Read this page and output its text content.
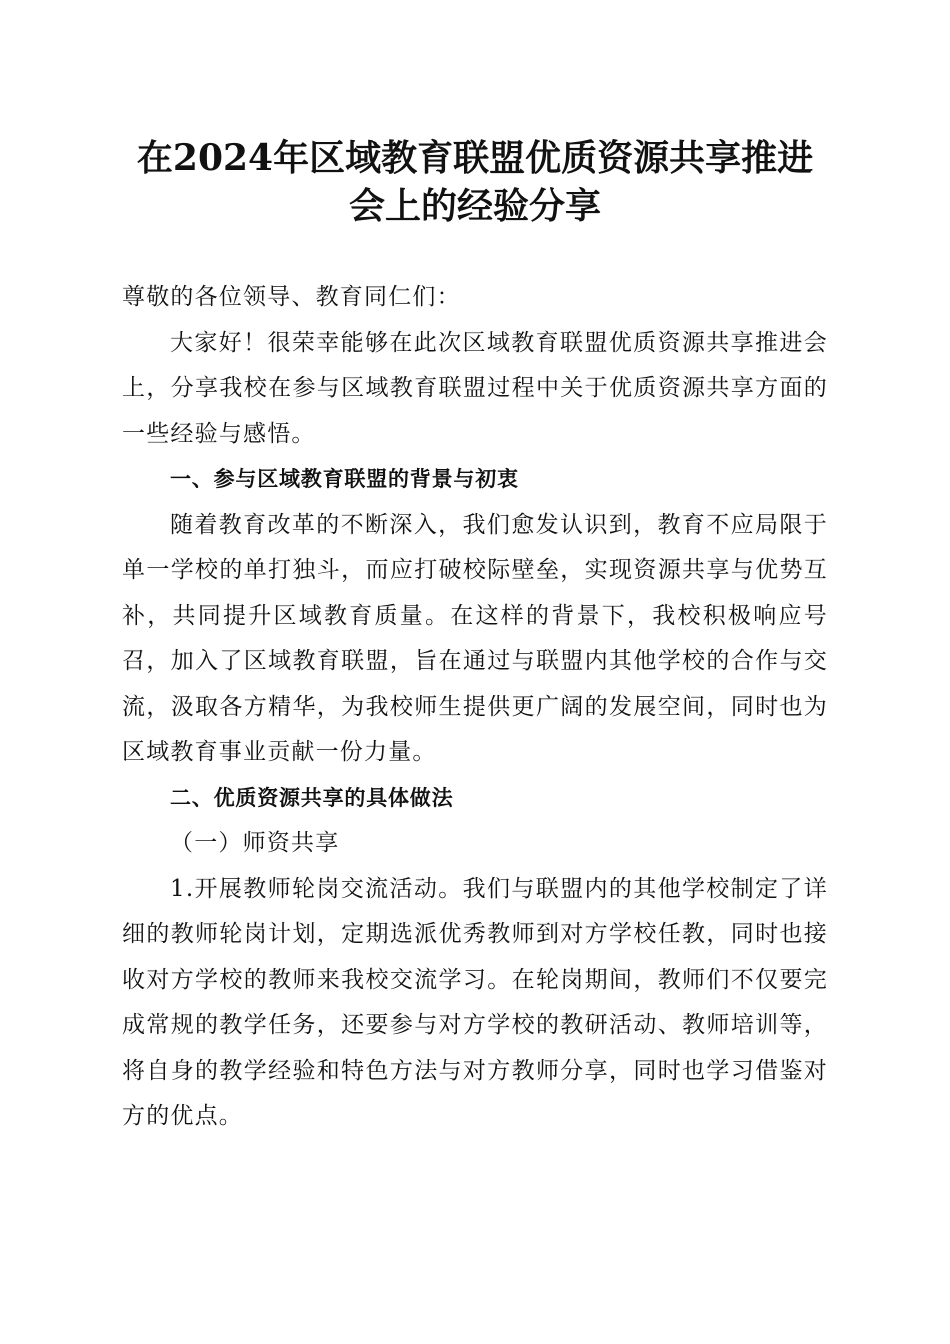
在2024年区域教育联盟优质资源共享推进会上的经验分享

尊敬的各位领导、教育同仁们：

大家好！很荣幸能够在此次区域教育联盟优质资源共享推进会上，分享我校在参与区域教育联盟过程中关于优质资源共享方面的一些经验与感悟。

一、参与区域教育联盟的背景与初衷

随着教育改革的不断深入，我们愈发认识到，教育不应局限于单一学校的单打独斗，而应打破校际壁垒，实现资源共享与优势互补，共同提升区域教育质量。在这样的背景下，我校积极响应号召，加入了区域教育联盟，旨在通过与联盟内其他学校的合作与交流，汲取各方精华，为我校师生提供更广阔的发展空间，同时也为区域教育事业贡献一份力量。

二、优质资源共享的具体做法

（一）师资共享

1.开展教师轮岗交流活动。我们与联盟内的其他学校制定了详细的教师轮岗计划，定期选派优秀教师到对方学校任教，同时也接收对方学校的教师来我校交流学习。在轮岗期间，教师们不仅要完成常规的教学任务，还要参与对方学校的教研活动、教师培训等，将自身的教学经验和特色方法与对方教师分享，同时也学习借鉴对方的优点。
